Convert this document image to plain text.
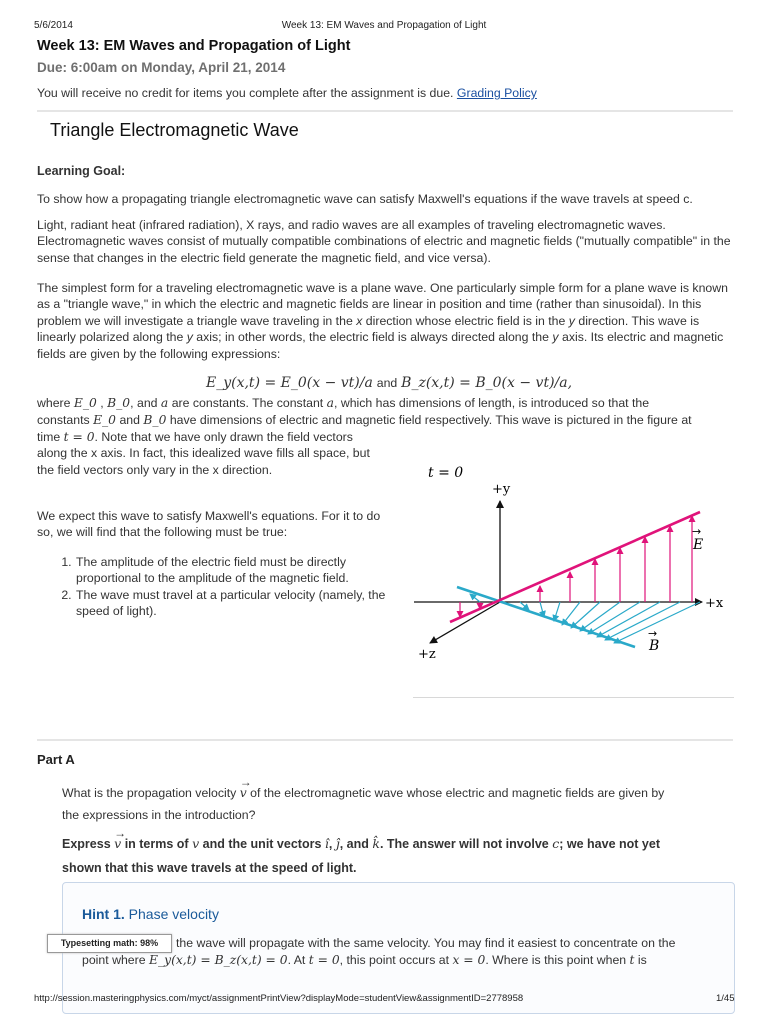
5/6/2014	Week 13: EM Waves and Propagation of Light
Week 13: EM Waves and Propagation of Light
Due: 6:00am on Monday, April 21, 2014
You will receive no credit for items you complete after the assignment is due. Grading Policy
Triangle Electromagnetic Wave
Learning Goal:
To show how a propagating triangle electromagnetic wave can satisfy Maxwell's equations if the wave travels at speed c.
Light, radiant heat (infrared radiation), X rays, and radio waves are all examples of traveling electromagnetic waves. Electromagnetic waves consist of mutually compatible combinations of electric and magnetic fields ("mutually compatible" in the sense that changes in the electric field generate the magnetic field, and vice versa).
The simplest form for a traveling electromagnetic wave is a plane wave. One particularly simple form for a plane wave is known as a "triangle wave," in which the electric and magnetic fields are linear in position and time (rather than sinusoidal). In this problem we will investigate a triangle wave traveling in the x direction whose electric field is in the y direction. This wave is linearly polarized along the y axis; in other words, the electric field is always directed along the y axis. Its electric and magnetic fields are given by the following expressions:
E_y(x,t) = E_0(x − vt)/a and B_z(x,t) = B_0(x − vt)/a,
where E_0 , B_0, and a are constants. The constant a, which has dimensions of length, is introduced so that the
constants E_0 and B_0 have dimensions of electric and magnetic field respectively. This wave is pictured in the figure at
time t = 0. Note that we have only drawn the field vectors
along the x axis. In fact, this idealized wave fills all space, but
the field vectors only vary in the x direction.
We expect this wave to satisfy Maxwell's equations. For it to do so, we will find that the following must be true:
1. The amplitude of the electric field must be directly proportional to the amplitude of the magnetic field.
2. The wave must travel at a particular velocity (namely, the speed of light).
t = 0
+y
+x
+z
E
→
B
→
Part A
What is the propagation velocity
→
v of the electromagnetic wave whose electric and magnetic fields are given by
the expressions in the introduction?
Express
→
v in terms of v and the unit vectors î, ĵ, and k̂. The answer will not involve c; we have not yet
shown that this wave travels at the speed of light.
Hint 1. Phase velocity
the wave will propagate with the same velocity. You may find it easiest to concentrate on the
point where E_y(x,t) = B_z(x,t) = 0. At t = 0, this point occurs at x = 0. Where is this point when t is
Typesetting math: 98%
http://session.masteringphysics.com/myct/assignmentPrintView?displayMode=studentView&assignmentID=2778958	1/45
